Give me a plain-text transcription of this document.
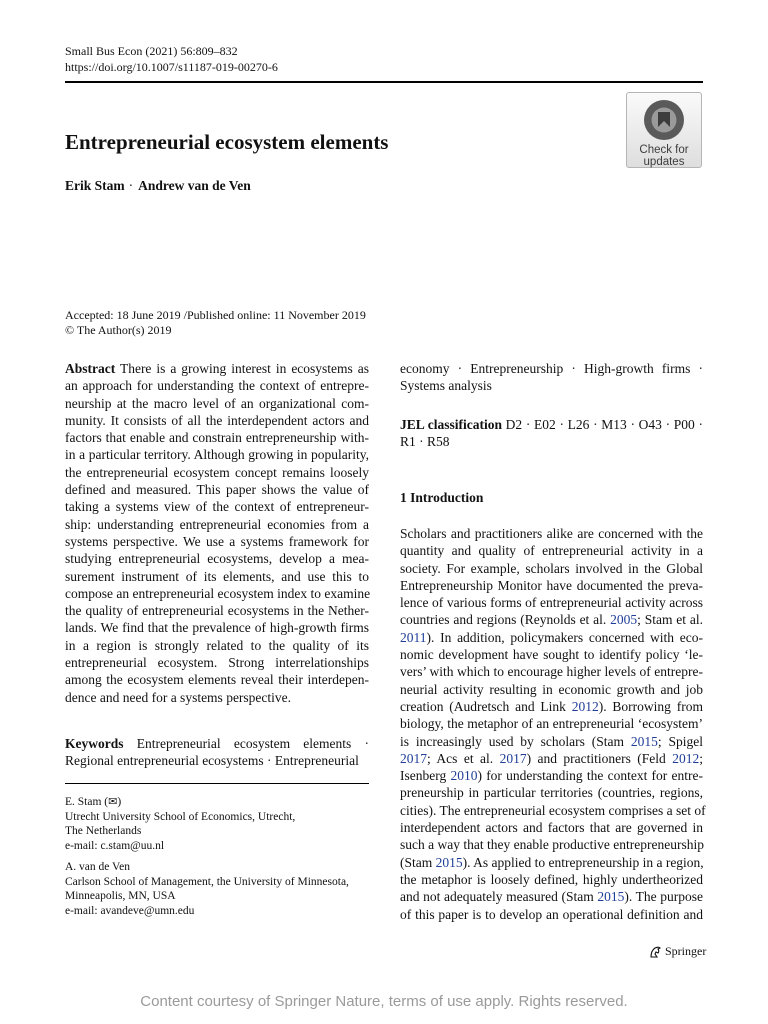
Small Bus Econ (2021) 56:809–832
https://doi.org/10.1007/s11187-019-00270-6
Check for
updates
Entrepreneurial ecosystem elements
Erik Stam · Andrew van de Ven
Accepted: 18 June 2019 /Published online: 11 November 2019
© The Author(s) 2019

Abstract There is a growing interest in ecosystems as
an approach for understanding the context of entrepre-
neurship at the macro level of an organizational com-
munity. It consists of all the interdependent actors and
factors that enable and constrain entrepreneurship with-
in a particular territory. Although growing in popularity,
the entrepreneurial ecosystem concept remains loosely
defined and measured. This paper shows the value of
taking a systems view of the context of entrepreneur-
ship: understanding entrepreneurial economies from a
systems perspective. We use a systems framework for
studying entrepreneurial ecosystems, develop a mea-
surement instrument of its elements, and use this to
compose an entrepreneurial ecosystem index to examine
the quality of entrepreneurial ecosystems in the Nether-
lands. We find that the prevalence of high-growth firms
in a region is strongly related to the quality of its
entrepreneurial ecosystem. Strong interrelationships
among the ecosystem elements reveal their interdepen-
dence and need for a systems perspective.

Keywords Entrepreneurial ecosystem elements ·
Regional entrepreneurial ecosystems · Entrepreneurial

E. Stam (✉)
Utrecht University School of Economics, Utrecht,
The Netherlands
e-mail: c.stam@uu.nl
A. van de Ven
Carlson School of Management, the University of Minnesota,
Minneapolis, MN, USA
e-mail: avandeve@umn.edu

economy · Entrepreneurship · High-growth firms ·
Systems analysis

JEL classification D2 · E02 · L26 · M13 · O43 · P00 ·
R1 · R58

1 Introduction

Scholars and practitioners alike are concerned with the
quantity and quality of entrepreneurial activity in a
society. For example, scholars involved in the Global
Entrepreneurship Monitor have documented the preva-
lence of various forms of entrepreneurial activity across
countries and regions (Reynolds et al. 2005; Stam et al.
2011). In addition, policymakers concerned with eco-
nomic development have sought to identify policy ‘le-
vers’ with which to encourage higher levels of entrepre-
neurial activity resulting in economic growth and job
creation (Audretsch and Link 2012). Borrowing from
biology, the metaphor of an entrepreneurial ‘ecosystem’
is increasingly used by scholars (Stam 2015; Spigel
2017; Acs et al. 2017) and practitioners (Feld 2012;
Isenberg 2010) for understanding the context for entre-
preneurship in particular territories (countries, regions,
cities). The entrepreneurial ecosystem comprises a set of
interdependent actors and factors that are governed in
such a way that they enable productive entrepreneurship
(Stam 2015). As applied to entrepreneurship in a region,
the metaphor is loosely defined, highly undertheorized
and not adequately measured (Stam 2015). The purpose
of this paper is to develop an operational definition and

Springer
Content courtesy of Springer Nature, terms of use apply. Rights reserved.
